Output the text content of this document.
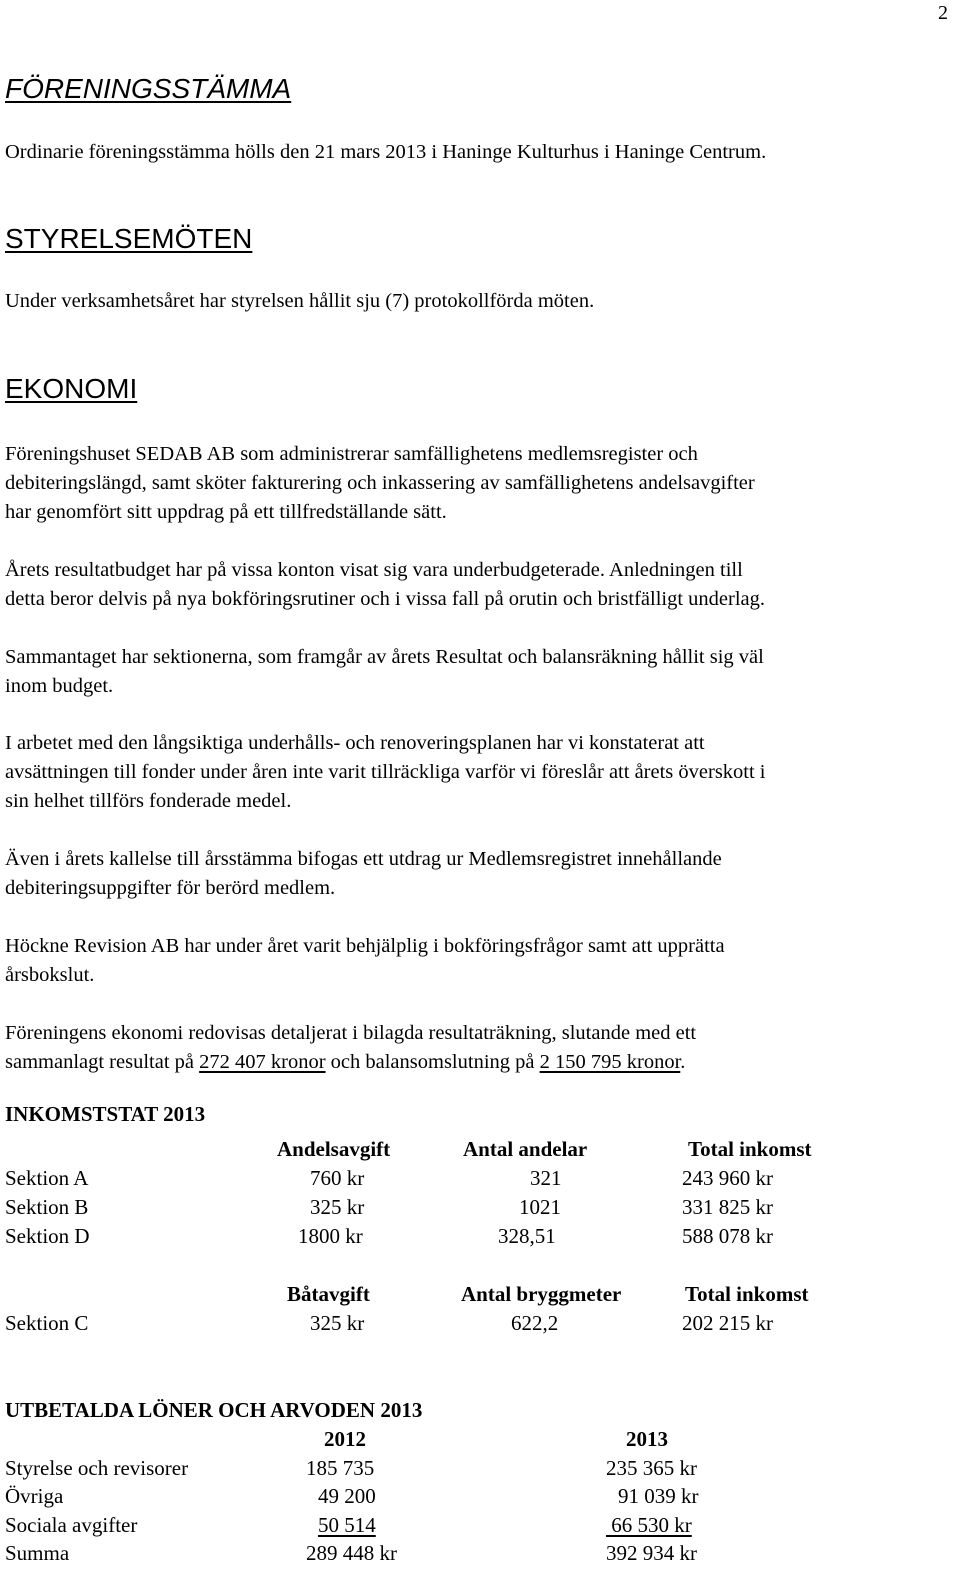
2
FÖRENINGSSTÄMMA
Ordinarie föreningsstämma hölls den 21 mars 2013 i Haninge Kulturhus i Haninge Centrum.
STYRELSEMÖTEN
Under verksamhetsåret har styrelsen hållit sju (7) protokollförda möten.
EKONOMI
Föreningshuset SEDAB AB som administrerar samfällighetens medlemsregister och
debiteringslängd, samt sköter fakturering och inkassering av samfällighetens andelsavgifter
har genomfört sitt uppdrag på ett tillfredställande sätt.
Årets resultatbudget har på vissa konton visat sig vara underbudgeterade. Anledningen till
detta beror delvis på nya bokföringsrutiner och i vissa fall på orutin och bristfälligt underlag.
Sammantaget har sektionerna, som framgår av årets Resultat och balansräkning hållit sig väl
inom budget.
I arbetet med den långsiktiga underhålls- och renoveringsplanen har vi konstaterat att
avsättningen till fonder under åren inte varit tillräckliga varför vi föreslår att årets överskott i
sin helhet tillförs fonderade medel.
Även i årets kallelse till årsstämma bifogas ett utdrag ur Medlemsregistret innehållande
debiteringsuppgifter för berörd medlem.
Höckne Revision AB har under året varit behjälplig i bokföringsfrågor samt att upprätta
årsbokslut.
Föreningens ekonomi redovisas detaljerat i bilagda resultaträkning, slutande med ett
sammanlagt resultat på 272 407 kronor och balansomslutning på 2 150 795 kronor.
INKOMSTSTAT 2013
Andelsavgift	Antal andelar	Total inkomst
Sektion A	760 kr	321	243 960 kr
Sektion B	325 kr	1021	331 825 kr
Sektion D	1800 kr	328,51	588 078 kr
Båtavgift	Antal bryggmeter	Total inkomst
Sektion C	325 kr	622,2	202 215 kr
UTBETALDA LÖNER OCH ARVODEN 2013
2012	2013
Styrelse och revisorer	185 735	235 365 kr
Övriga	49 200	91 039 kr
Sociala avgifter	50 514	66 530 kr
Summa	289 448 kr	392 934 kr
